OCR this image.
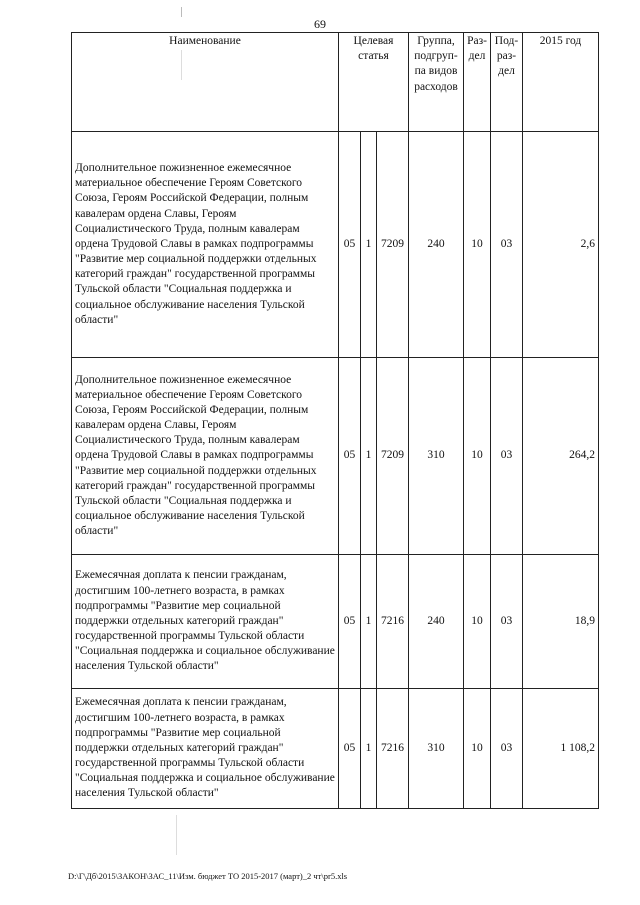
69
Наименование	Целевая статья			Группа, подгруп-па видов расходов	Раз-дел	Под-раз-дел	2015 год
Дополнительное пожизненное ежемесячное материальное обеспечение Героям Советского Союза, Героям Российской Федерации, полным кавалерам ордена Славы, Героям Социалистического Труда, полным кавалерам ордена Трудовой Славы в рамках подпрограммы "Развитие мер социальной поддержки отдельных категорий граждан" государственной программы Тульской области "Социальная поддержка и социальное обслуживание населения Тульской области"	05	1	7209	240	10	03	2,6
Дополнительное пожизненное ежемесячное материальное обеспечение Героям Советского Союза, Героям Российской Федерации, полным кавалерам ордена Славы, Героям Социалистического Труда, полным кавалерам ордена Трудовой Славы в рамках подпрограммы "Развитие мер социальной поддержки отдельных категорий граждан" государственной программы Тульской области "Социальная поддержка и социальное обслуживание населения Тульской области"	05	1	7209	310	10	03	264,2
Ежемесячная доплата к пенсии гражданам, достигшим 100-летнего возраста, в рамках подпрограммы "Развитие мер социальной поддержки отдельных категорий граждан" государственной программы Тульской области "Социальная поддержка и социальное обслуживание населения Тульской области"	05	1	7216	240	10	03	18,9
Ежемесячная доплата к пенсии гражданам, достигшим 100-летнего возраста, в рамках подпрограммы "Развитие мер социальной поддержки отдельных категорий граждан" государственной программы Тульской области "Социальная поддержка и социальное обслуживание населения Тульской области"	05	1	7216	310	10	03	1 108,2
D:\Г\Дб\2015\ЗАКОН\ЗАС_11\Изм. бюджет ТО 2015-2017 (март)_2 чт\pr5.xls
